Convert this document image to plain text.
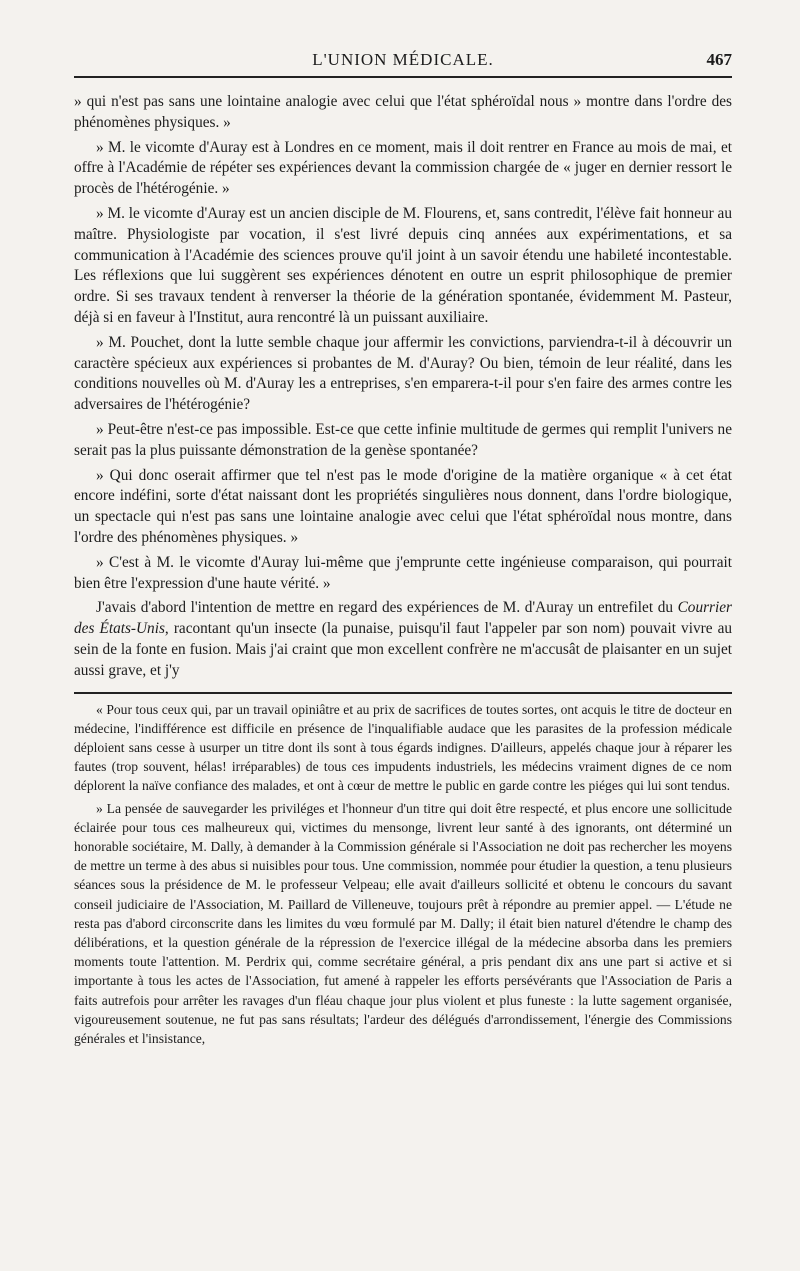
L'UNION MÉDICALE.	467

» qui n'est pas sans une lointaine analogie avec celui que l'état sphéroïdal nous » montre dans l'ordre des phénomènes physiques. »

» M. le vicomte d'Auray est à Londres en ce moment, mais il doit rentrer en France au mois de mai, et offre à l'Académie de répéter ses expériences devant la commission chargée de « juger en dernier ressort le procès de l'hétérogénie. »

» M. le vicomte d'Auray est un ancien disciple de M. Flourens, et, sans contredit, l'élève fait honneur au maître. Physiologiste par vocation, il s'est livré depuis cinq années aux expérimentations, et sa communication à l'Académie des sciences prouve qu'il joint à un savoir étendu une habileté incontestable. Les réflexions que lui suggèrent ses expériences dénotent en outre un esprit philosophique de premier ordre. Si ses travaux tendent à renverser la théorie de la génération spontanée, évidemment M. Pasteur, déjà si en faveur à l'Institut, aura rencontré là un puissant auxiliaire.

» M. Pouchet, dont la lutte semble chaque jour affermir les convictions, parviendra-t-il à découvrir un caractère spécieux aux expériences si probantes de M. d'Auray? Ou bien, témoin de leur réalité, dans les conditions nouvelles où M. d'Auray les a entreprises, s'en emparera-t-il pour s'en faire des armes contre les adversaires de l'hétérogénie?

» Peut-être n'est-ce pas impossible. Est-ce que cette infinie multitude de germes qui remplit l'univers ne serait pas la plus puissante démonstration de la genèse spontanée?

» Qui donc oserait affirmer que tel n'est pas le mode d'origine de la matière organique « à cet état encore indéfini, sorte d'état naissant dont les propriétés singulières nous donnent, dans l'ordre biologique, un spectacle qui n'est pas sans une lointaine analogie avec celui que l'état sphéroïdal nous montre, dans l'ordre des phénomènes physiques. »

» C'est à M. le vicomte d'Auray lui-même que j'emprunte cette ingénieuse comparaison, qui pourrait bien être l'expression d'une haute vérité. »

J'avais d'abord l'intention de mettre en regard des expériences de M. d'Auray un entrefilet du Courrier des États-Unis, racontant qu'un insecte (la punaise, puisqu'il faut l'appeler par son nom) pouvait vivre au sein de la fonte en fusion. Mais j'ai craint que mon excellent confrère ne m'accusât de plaisanter en un sujet aussi grave, et j'y

« Pour tous ceux qui, par un travail opiniâtre et au prix de sacrifices de toutes sortes, ont acquis le titre de docteur en médecine, l'indifférence est difficile en présence de l'inqualifiable audace que les parasites de la profession médicale déploient sans cesse à usurper un titre dont ils sont à tous égards indignes. D'ailleurs, appelés chaque jour à réparer les fautes (trop souvent, hélas! irréparables) de tous ces impudents industriels, les médecins vraiment dignes de ce nom déplorent la naïve confiance des malades, et ont à cœur de mettre le public en garde contre les piéges qui lui sont tendus.

» La pensée de sauvegarder les priviléges et l'honneur d'un titre qui doit être respecté, et plus encore une sollicitude éclairée pour tous ces malheureux qui, victimes du mensonge, livrent leur santé à des ignorants, ont déterminé un honorable sociétaire, M. Dally, à demander à la Commission générale si l'Association ne doit pas rechercher les moyens de mettre un terme à des abus si nuisibles pour tous. Une commission, nommée pour étudier la question, a tenu plusieurs séances sous la présidence de M. le professeur Velpeau; elle avait d'ailleurs sollicité et obtenu le concours du savant conseil judiciaire de l'Association, M. Paillard de Villeneuve, toujours prêt à répondre au premier appel. — L'étude ne resta pas d'abord circonscrite dans les limites du vœu formulé par M. Dally; il était bien naturel d'étendre le champ des délibérations, et la question générale de la répression de l'exercice illégal de la médecine absorba dans les premiers moments toute l'attention. M. Perdrix qui, comme secrétaire général, a pris pendant dix ans une part si active et si importante à tous les actes de l'Association, fut amené à rappeler les efforts persévérants que l'Association de Paris a faits autrefois pour arrêter les ravages d'un fléau chaque jour plus violent et plus funeste : la lutte sagement organisée, vigoureusement soutenue, ne fut pas sans résultats; l'ardeur des délégués d'arrondissement, l'énergie des Commissions générales et l'insistance,
